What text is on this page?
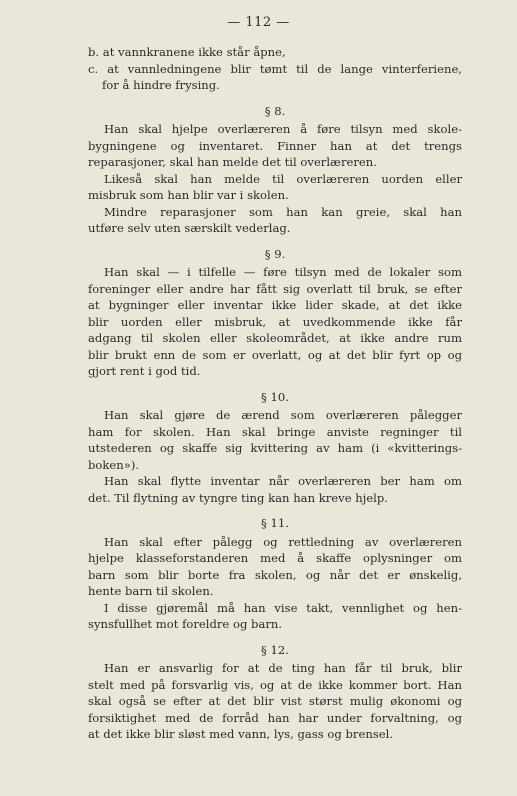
— 112 —
b. at vannkranene ikke står åpne,
c. at vannledningene blir tømt til de lange vinterferiene,
for å hindre frysing.
§ 8.
Han skal hjelpe overlæreren å føre tilsyn med skole-
bygningene og inventaret. Finner han at det trengs
reparasjoner, skal han melde det til overlæreren.
Likeså skal han melde til overlæreren uorden eller
misbruk som han blir var i skolen.
Mindre reparasjoner som han kan greie, skal han
utføre selv uten særskilt vederlag.
§ 9.
Han skal — i tilfelle — føre tilsyn med de lokaler som
foreninger eller andre har fått sig overlatt til bruk, se efter
at bygninger eller inventar ikke lider skade, at det ikke
blir uorden eller misbruk, at uvedkommende ikke får
adgang til skolen eller skoleområdet, at ikke andre rum
blir brukt enn de som er overlatt, og at det blir fyrt op og
gjort rent i god tid.
§ 10.
Han skal gjøre de ærend som overlæreren pålegger
ham for skolen. Han skal bringe anviste regninger til
utstederen og skaffe sig kvittering av ham (i «kvitterings-
boken»).
Han skal flytte inventar når overlæreren ber ham om
det. Til flytning av tyngre ting kan han kreve hjelp.
§ 11.
Han skal efter pålegg og rettledning av overlæreren
hjelpe klasseforstanderen med å skaffe oplysninger om
barn som blir borte fra skolen, og når det er ønskelig,
hente barn til skolen.
I disse gjøremål må han vise takt, vennlighet og hen-
synsfullhet mot foreldre og barn.
§ 12.
Han er ansvarlig for at de ting han får til bruk, blir
stelt med på forsvarlig vis, og at de ikke kommer bort. Han
skal også se efter at det blir vist størst mulig økonomi og
forsiktighet med de forråd han har under forvaltning, og
at det ikke blir sløst med vann, lys, gass og brensel.
